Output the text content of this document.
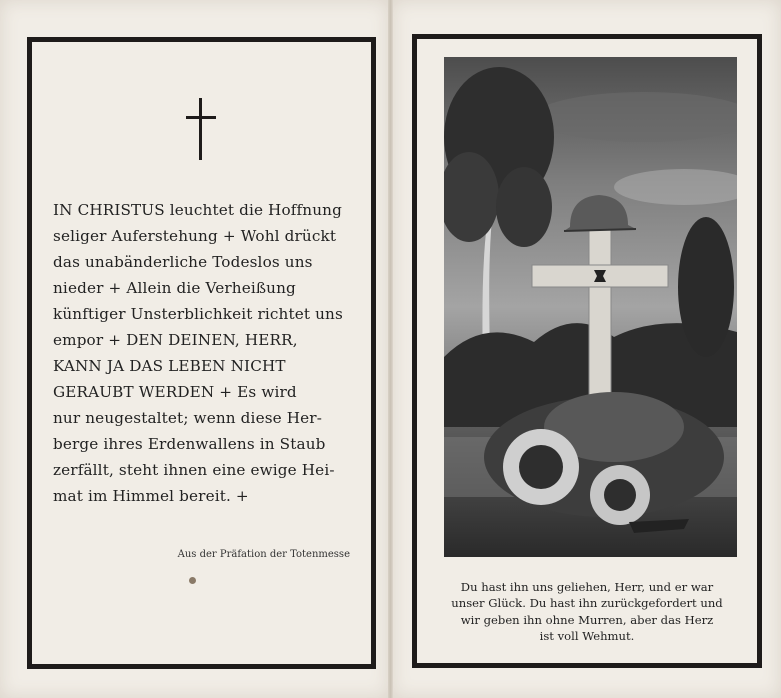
IN CHRISTUS leuchtet die Hoffnung
seliger Auferstehung + Wohl drückt
das unabänderliche Todeslos uns
nieder + Allein die Verheißung
künftiger Unsterblichkeit richtet uns
empor + DEN DEINEN, HERR,
KANN JA DAS LEBEN NICHT
GERAUBT WERDEN + Es wird
nur neugestaltet; wenn diese Her-
berge ihres Erdenwallens in Staub
zerfällt, steht ihnen eine ewige Hei-
mat im Himmel bereit. +

Aus der Präfation der Totenmesse

Du hast ihn uns geliehen, Herr, und er war
unser Glück. Du hast ihn zurückgefordert und
wir geben ihn ohne Murren, aber das Herz
ist voll Wehmut.
